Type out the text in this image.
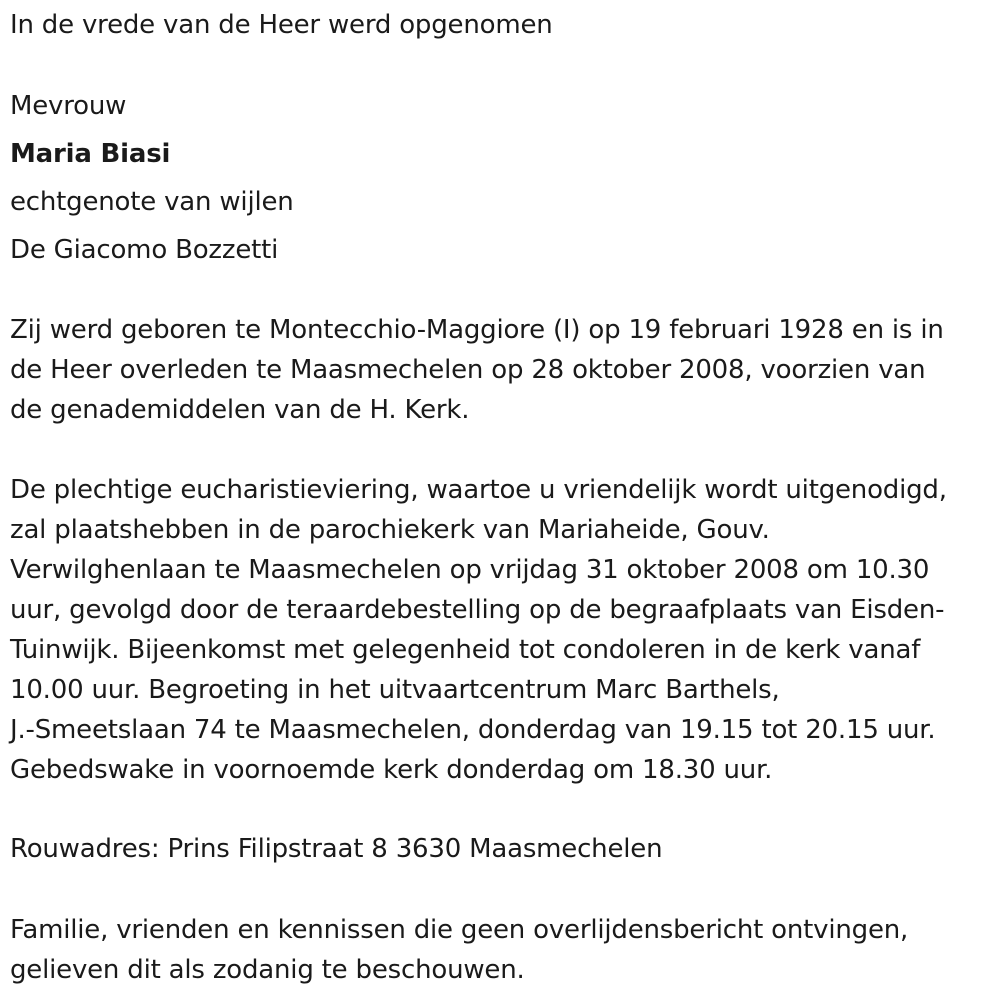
In de vrede van de Heer werd opgenomen
Mevrouw
Maria Biasi
echtgenote van wijlen
De Giacomo Bozzetti
Zij werd geboren te Montecchio-Maggiore (I) op 19 februari 1928 en is in
de Heer overleden te Maasmechelen op 28 oktober 2008, voorzien van
de genademiddelen van de H. Kerk.
De plechtige eucharistieviering, waartoe u vriendelijk wordt uitgenodigd,
zal plaatshebben in de parochiekerk van Mariaheide, Gouv.
Verwilghenlaan te Maasmechelen op vrijdag 31 oktober 2008 om 10.30
uur, gevolgd door de teraardebestelling op de begraafplaats van Eisden-
Tuinwijk. Bijeenkomst met gelegenheid tot condoleren in de kerk vanaf
10.00 uur. Begroeting in het uitvaartcentrum Marc Barthels,
J.-Smeetslaan 74 te Maasmechelen, donderdag van 19.15 tot 20.15 uur.
Gebedswake in voornoemde kerk donderdag om 18.30 uur.
Rouwadres: Prins Filipstraat 8 3630 Maasmechelen
Familie, vrienden en kennissen die geen overlijdensbericht ontvingen,
gelieven dit als zodanig te beschouwen.
